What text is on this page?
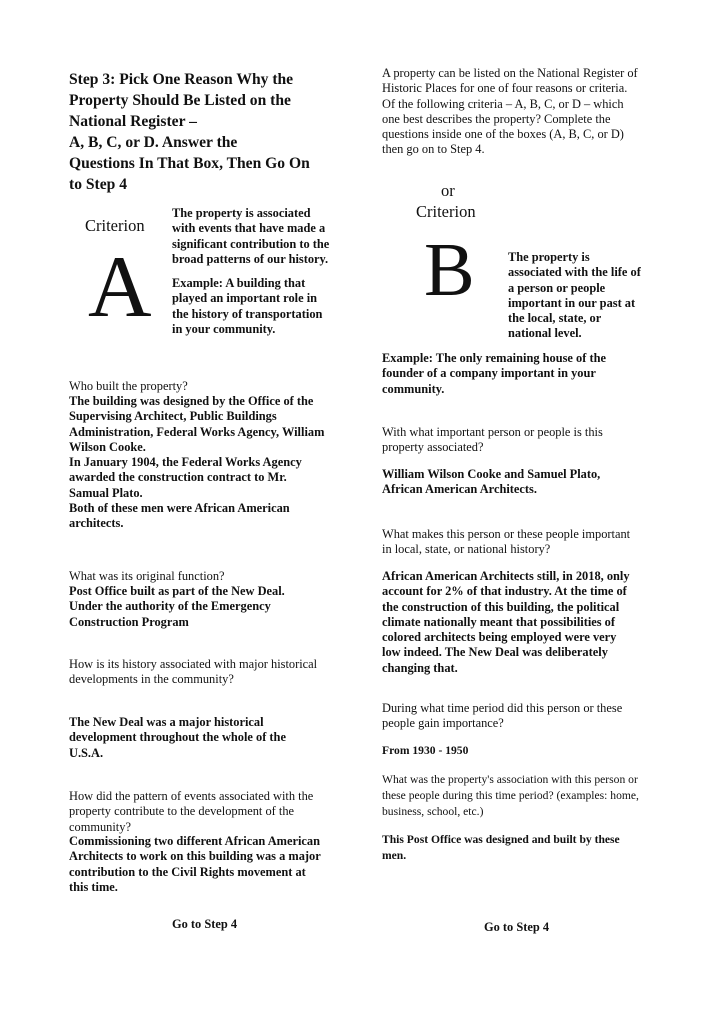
Step 3: Pick One Reason Why the
Property Should Be Listed on the
National Register –
A, B, C, or D. Answer the
Questions In That Box, Then Go On
to Step 4
Criterion
A
The property is associated
with events that have made a
significant contribution to the
broad patterns of our history.
Example: A building that
played an important role in
the history of transportation
in your community.
Who built the property?
The building was designed by the Office of the
Supervising Architect, Public Buildings
Administration, Federal Works Agency, William
Wilson Cooke.
In January 1904, the Federal Works Agency
awarded the construction contract to Mr.
Samual Plato.
Both of these men were African American
architects.
What was its original function?
Post Office built as part of the New Deal.
Under the authority of the Emergency
Construction Program
How is its history associated with major historical
developments in the community?
The New Deal was a major historical
development throughout the whole of the
U.S.A.
How did the pattern of events associated with the
property contribute to the development of the
community?
Commissioning two different African American
Architects to work on this building was a major
contribution to the Civil Rights movement at
this time.
Go to Step 4
A property can be listed on the National Register of
Historic Places for one of four reasons or criteria.
Of the following criteria – A, B, C, or D – which
one best describes the property? Complete the
questions inside one of the boxes (A, B, C, or D)
then go on to Step 4.
or
Criterion
B	The property is
associated with the life of
a person or people
important in our past at
the local, state, or
national level.
Example: The only remaining house of the
founder of a company important in your
community.
With what important person or people is this
property associated?
William Wilson Cooke and Samuel Plato,
African American Architects.
What makes this person or these people important
in local, state, or national history?
African American Architects still, in 2018, only
account for 2% of that industry. At the time of
the construction of this building, the political
climate nationally meant that possibilities of
colored architects being employed were very
low indeed. The New Deal was deliberately
changing that.
During what time period did this person or these
people gain importance?
From 1930 - 1950
What was the property's association with this person or
these people during this time period? (examples: home,
business, school, etc.)
This Post Office was designed and built by these
men.
Go to Step 4
